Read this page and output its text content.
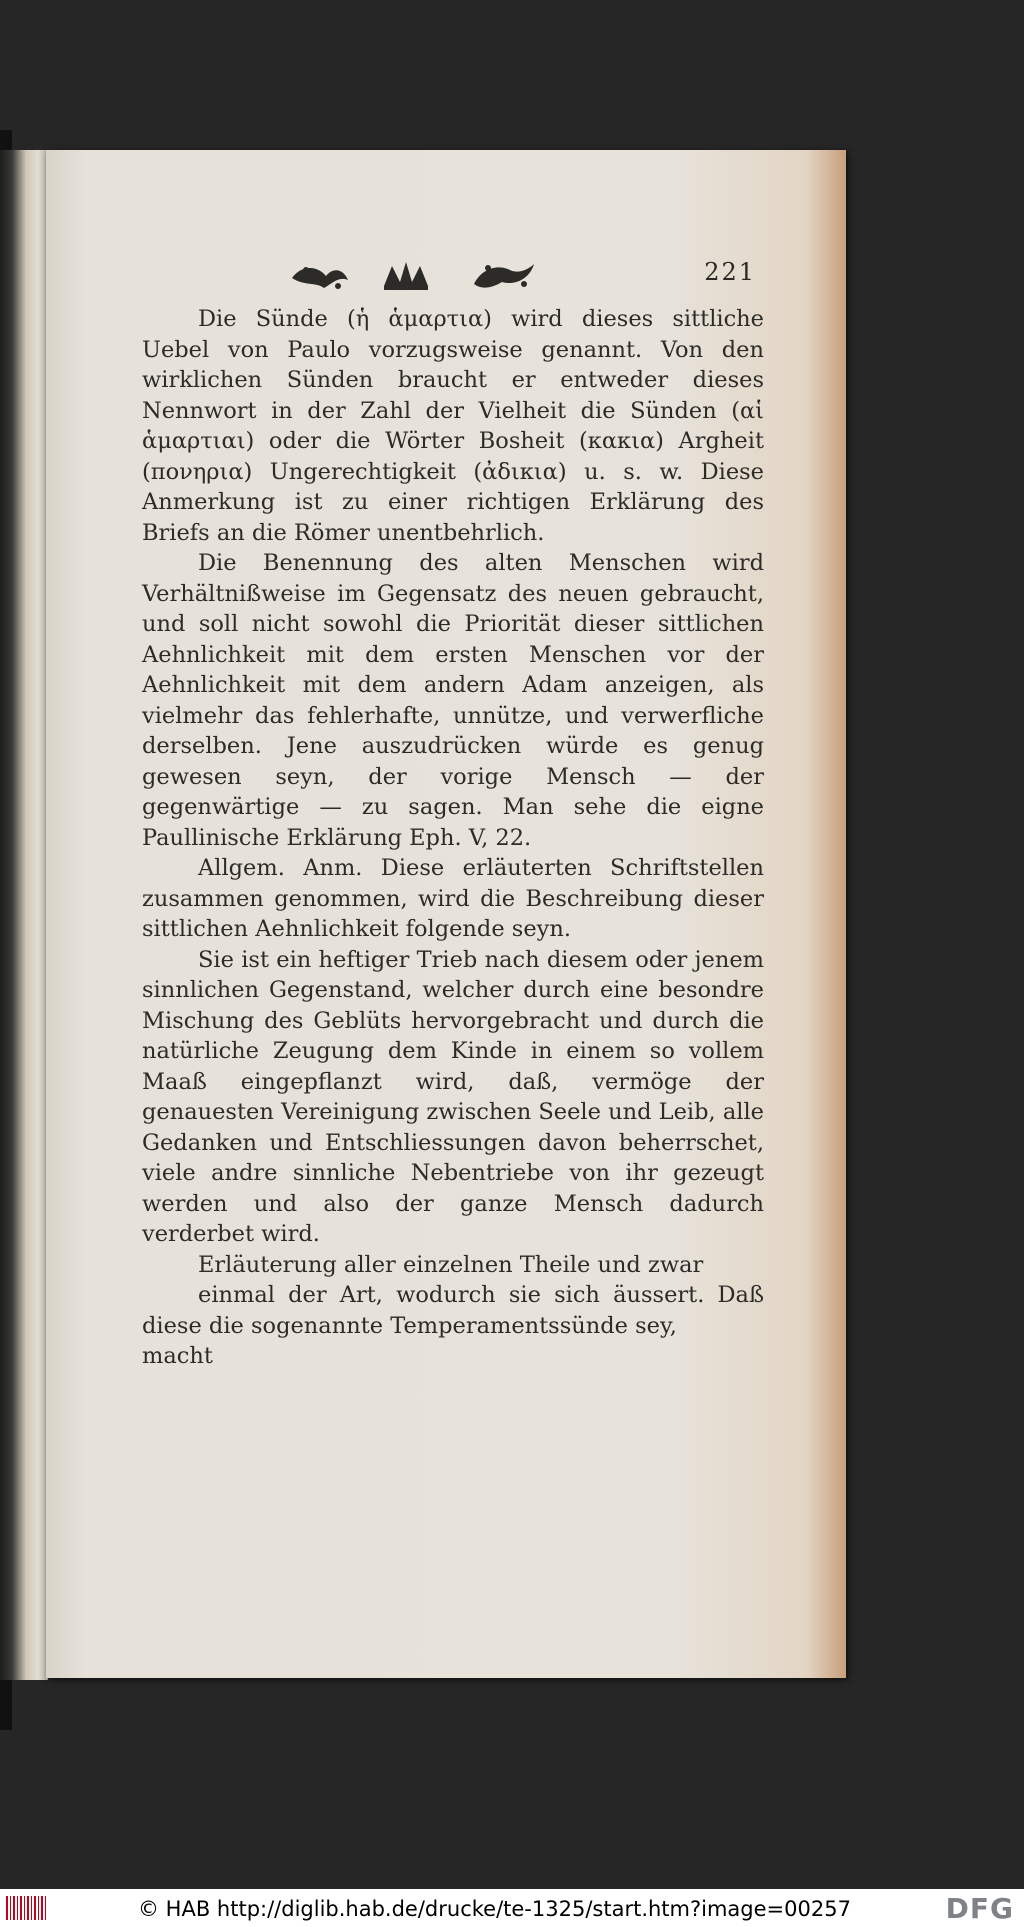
221

Die Sünde (ἡ ἁμαρτια) wird dieses sittliche Uebel von Paulo vorzugsweise genannt. Von den wirklichen Sünden braucht er entweder dieses Nennwort in der Zahl der Vielheit die Sünden (αἱ ἁμαρτιαι) oder die Wörter Bosheit (κακια) Argheit (πονηρια) Ungerechtigkeit (ἀδικια) u. s. w. Diese Anmerkung ist zu einer richtigen Erklärung des Briefs an die Römer unentbehrlich.

Die Benennung des alten Menschen wird Verhältnißweise im Gegensatz des neuen gebraucht, und soll nicht sowohl die Priorität dieser sittlichen Aehnlichkeit mit dem ersten Menschen vor der Aehnlichkeit mit dem andern Adam anzeigen, als vielmehr das fehlerhafte, unnütze, und verwerfliche derselben. Jene auszudrücken würde es genug gewesen seyn, der vorige Mensch — der gegenwärtige — zu sagen. Man sehe die eigne Paullinische Erklärung Eph. V, 22.

Allgem. Anm. Diese erläuterten Schriftstellen zusammen genommen, wird die Beschreibung dieser sittlichen Aehnlichkeit folgende seyn.

Sie ist ein heftiger Trieb nach diesem oder jenem sinnlichen Gegenstand, welcher durch eine besondre Mischung des Geblüts hervorgebracht und durch die natürliche Zeugung dem Kinde in einem so vollem Maaß eingepflanzt wird, daß, vermöge der genauesten Vereinigung zwischen Seele und Leib, alle Gedanken und Entschliessungen davon beherrschet, viele andre sinnliche Nebentriebe von ihr gezeugt werden und also der ganze Mensch dadurch verderbet wird.

Erläuterung aller einzelnen Theile und zwar

einmal der Art, wodurch sie sich äussert. Daß diese die sogenannte Temperamentssünde sey,

macht

© HAB http://diglib.hab.de/drucke/te-1325/start.htm?image=00257	DFG
